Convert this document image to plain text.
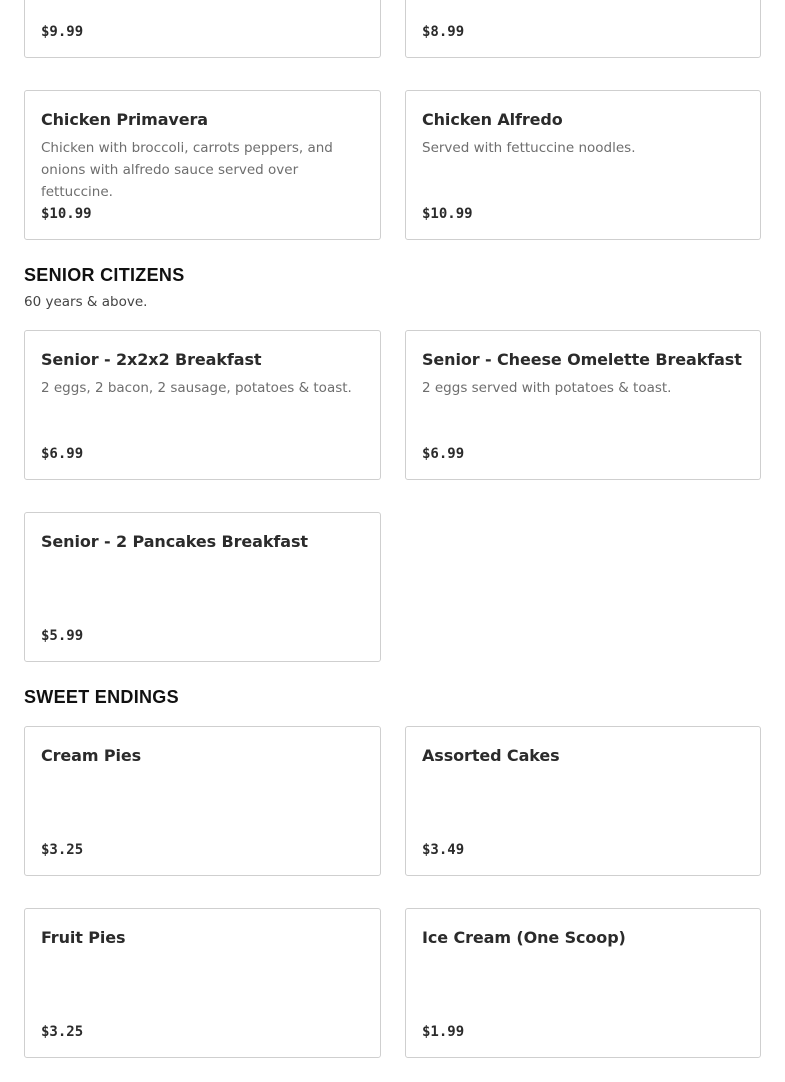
$9.99	$8.99
Chicken Primavera
Chicken with broccoli, carrots peppers, and onions with alfredo sauce served over fettuccine.
$10.99
Chicken Alfredo
Served with fettuccine noodles.
$10.99
SENIOR CITIZENS
60 years & above.
Senior - 2x2x2 Breakfast
2 eggs, 2 bacon, 2 sausage, potatoes & toast.
$6.99
Senior - Cheese Omelette Breakfast
2 eggs served with potatoes & toast.
$6.99
Senior - 2 Pancakes Breakfast
$5.99
SWEET ENDINGS
Cream Pies
$3.25
Assorted Cakes
$3.49
Fruit Pies
$3.25
Ice Cream (One Scoop)
$1.99
